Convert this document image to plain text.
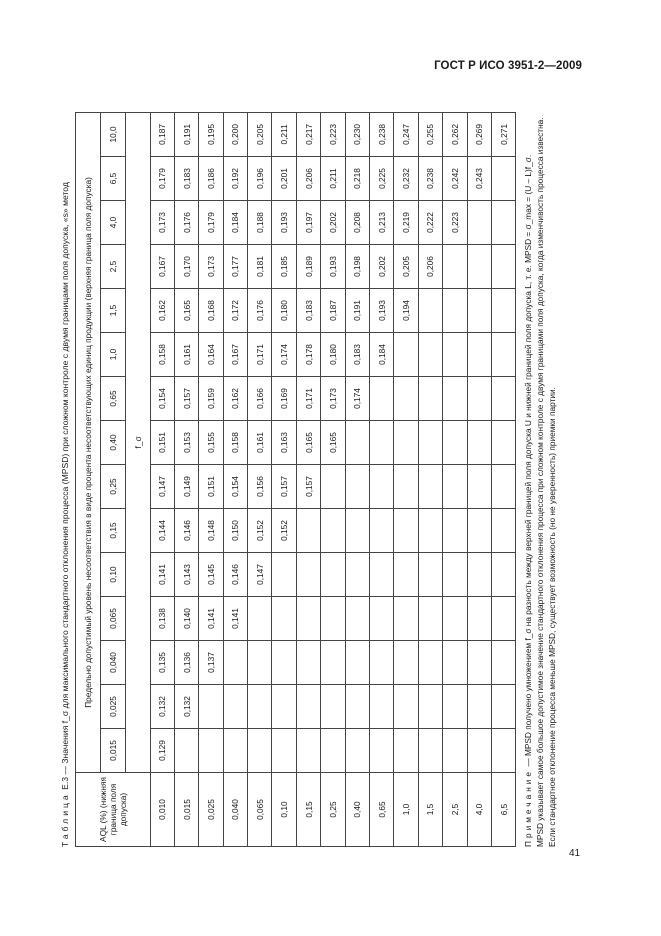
ГОСТ Р ИСО 3951-2—2009

Таблица E.3 — Значения f_σ для максимального стандартного отклонения процесса (MPSD) при сложном контроле с двумя границами поля допуска, «s» метод

AQL (%) (нижняя граница поля допуска)	Предельно допустимый уровень несоответствия в виде процента несоответствующих единиц продукции (верхняя граница поля допуска)														
	0,015	0,025	0,040	0,065	0,10	0,15	0,25	0,40	0,65	1,0	1,5	2,5	4,0	6,5	10,0
	f_σ														
0,010	0,129	0,132	0,135	0,138	0,141	0,144	0,147	0,151	0,154	0,158	0,162	0,167	0,173	0,179	0,187
0,015		0,132	0,136	0,140	0,143	0,146	0,149	0,153	0,157	0,161	0,165	0,170	0,176	0,183	0,191
0,025			0,137	0,141	0,145	0,148	0,151	0,155	0,159	0,164	0,168	0,173	0,179	0,186	0,195
0,040				0,141	0,146	0,150	0,154	0,158	0,162	0,167	0,172	0,177	0,184	0,192	0,200
0,065					0,147	0,152	0,156	0,161	0,166	0,171	0,176	0,181	0,188	0,196	0,205
0,10						0,152	0,157	0,163	0,169	0,174	0,180	0,185	0,193	0,201	0,211
0,15							0,157	0,165	0,171	0,178	0,183	0,189	0,197	0,206	0,217
0,25								0,165	0,173	0,180	0,187	0,193	0,202	0,211	0,223
0,40									0,174	0,183	0,191	0,198	0,208	0,218	0,230
0,65										0,184	0,193	0,202	0,213	0,225	0,238
1,0											0,194	0,205	0,219	0,232	0,247
1,5												0,206	0,222	0,238	0,255
2,5													0,223	0,242	0,262
4,0														0,243	0,269
6,5															0,271
Примечание — MPSD получено умножением f_σ на разность между верхней границей поля допуска U и нижней границей поля допуска L, т. е. MPSD = σ_max = (U – L)f_σ. MPSD указывает самое большое допустимое значение стандартного отклонения процесса при сложном контроле с двумя границами поля допуска, когда изменчивость процесса известна. Если стандартное отклонение процесса меньше MPSD, существует возможность (но не уверенность) приемки партии.
41
